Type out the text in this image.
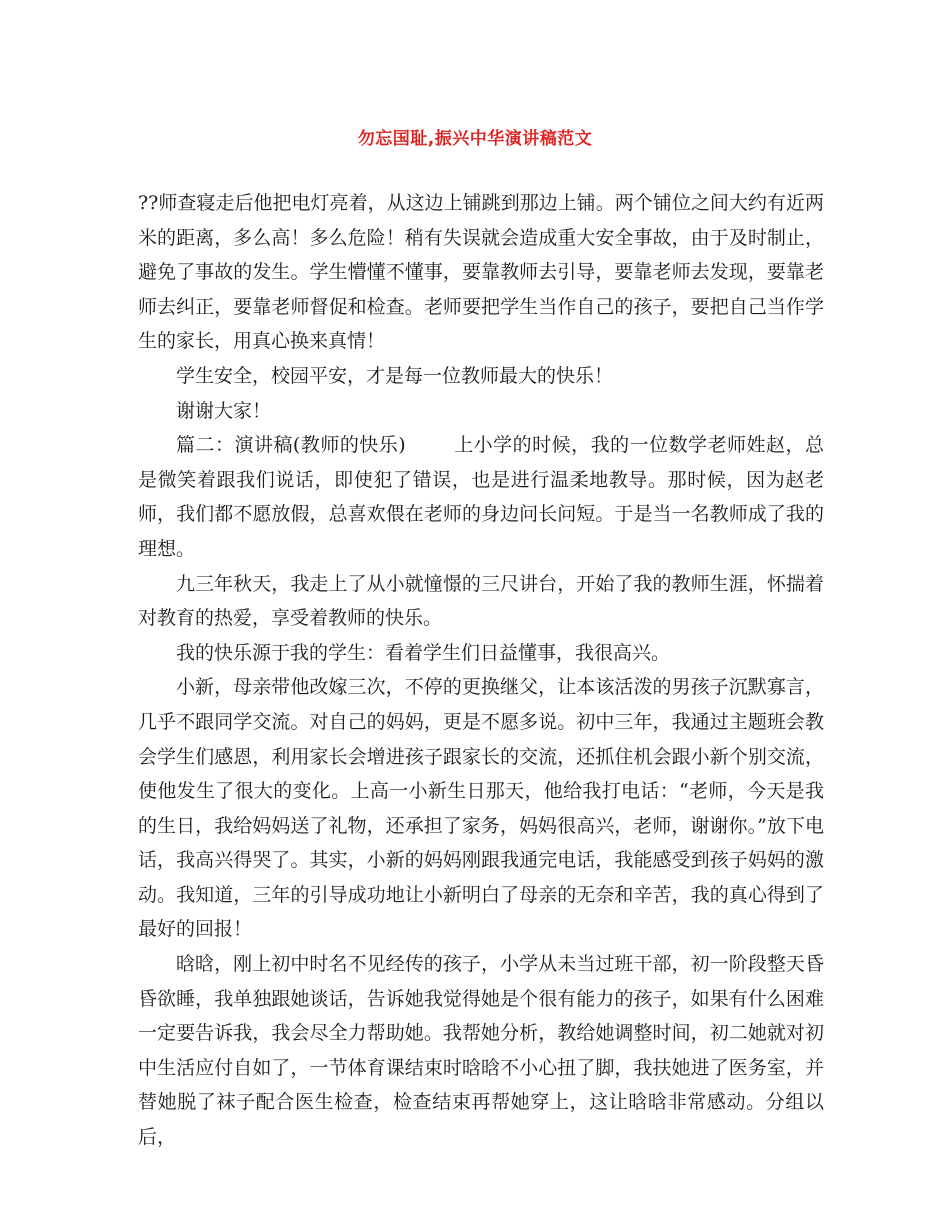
勿忘国耻,振兴中华演讲稿范文

??师查寝走后他把电灯亮着，从这边上铺跳到那边上铺。两个铺位之间大约有近两米的距离，多么高！多么危险！稍有失误就会造成重大安全事故，由于及时制止，避免了事故的发生。学生懵懂不懂事，要靠教师去引导，要靠老师去发现，要靠老师去纠正，要靠老师督促和检查。老师要把学生当作自己的孩子，要把自己当作学生的家长，用真心换来真情！

学生安全，校园平安，才是每一位教师最大的快乐！

谢谢大家！

篇二：演讲稿(教师的快乐)	上小学的时候，我的一位数学老师姓赵，总是微笑着跟我们说话，即使犯了错误，也是进行温柔地教导。那时候，因为赵老师，我们都不愿放假，总喜欢偎在老师的身边问长问短。于是当一名教师成了我的理想。

九三年秋天，我走上了从小就憧憬的三尺讲台，开始了我的教师生涯，怀揣着对教育的热爱，享受着教师的快乐。

我的快乐源于我的学生：看着学生们日益懂事，我很高兴。

小新，母亲带他改嫁三次，不停的更换继父，让本该活泼的男孩子沉默寡言，几乎不跟同学交流。对自己的妈妈，更是不愿多说。初中三年，我通过主题班会教会学生们感恩，利用家长会增进孩子跟家长的交流，还抓住机会跟小新个别交流，使他发生了很大的变化。上高一小新生日那天，他给我打电话：“老师，今天是我的生日，我给妈妈送了礼物，还承担了家务，妈妈很高兴，老师，谢谢你。”放下电话，我高兴得哭了。其实，小新的妈妈刚跟我通完电话，我能感受到孩子妈妈的激动。我知道，三年的引导成功地让小新明白了母亲的无奈和辛苦，我的真心得到了最好的回报！

晗晗，刚上初中时名不见经传的孩子，小学从未当过班干部，初一阶段整天昏昏欲睡，我单独跟她谈话，告诉她我觉得她是个很有能力的孩子，如果有什么困难一定要告诉我，我会尽全力帮助她。我帮她分析，教给她调整时间，初二她就对初中生活应付自如了，一节体育课结束时晗晗不小心扭了脚，我扶她进了医务室，并替她脱了袜子配合医生检查，检查结束再帮她穿上，这让晗晗非常感动。分组以后，
